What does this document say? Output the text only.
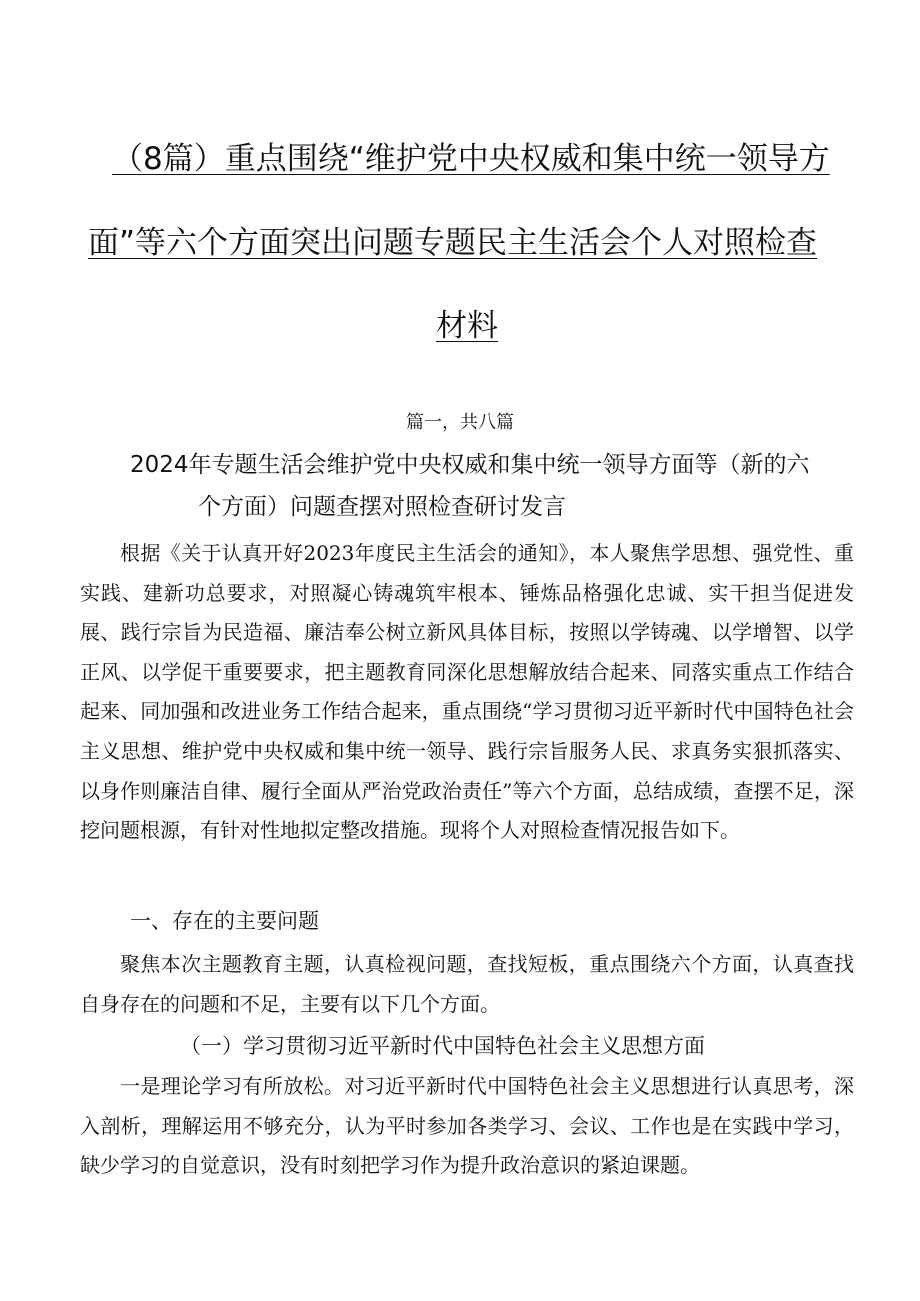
（8篇）重点围绕“维护党中央权威和集中统一领导方
面”等六个方面突出问题专题民主生活会个人对照检查
材料
篇一，共八篇
2024年专题生活会维护党中央权威和集中统一领导方面等（新的六
个方面）问题查摆对照检查研讨发言

根据《关于认真开好2023年度民主生活会的通知》，本人聚焦学思想、强党性、重实践、建新功总要求，对照凝心铸魂筑牢根本、锤炼品格强化忠诚、实干担当促进发展、践行宗旨为民造福、廉洁奉公树立新风具体目标，按照以学铸魂、以学增智、以学正风、以学促干重要要求，把主题教育同深化思想解放结合起来、同落实重点工作结合起来、同加强和改进业务工作结合起来，重点围绕“学习贯彻习近平新时代中国特色社会主义思想、维护党中央权威和集中统一领导、践行宗旨服务人民、求真务实狠抓落实、以身作则廉洁自律、履行全面从严治党政治责任”等六个方面，总结成绩，查摆不足，深挖问题根源，有针对性地拟定整改措施。现将个人对照检查情况报告如下。

一、存在的主要问题

聚焦本次主题教育主题，认真检视问题，查找短板，重点围绕六个方面，认真查找自身存在的问题和不足，主要有以下几个方面。

（一）学习贯彻习近平新时代中国特色社会主义思想方面

一是理论学习有所放松。对习近平新时代中国特色社会主义思想进行认真思考，深入剖析，理解运用不够充分，认为平时参加各类学习、会议、工作也是在实践中学习，缺少学习的自觉意识，没有时刻把学习作为提升政治意识的紧迫课题。
